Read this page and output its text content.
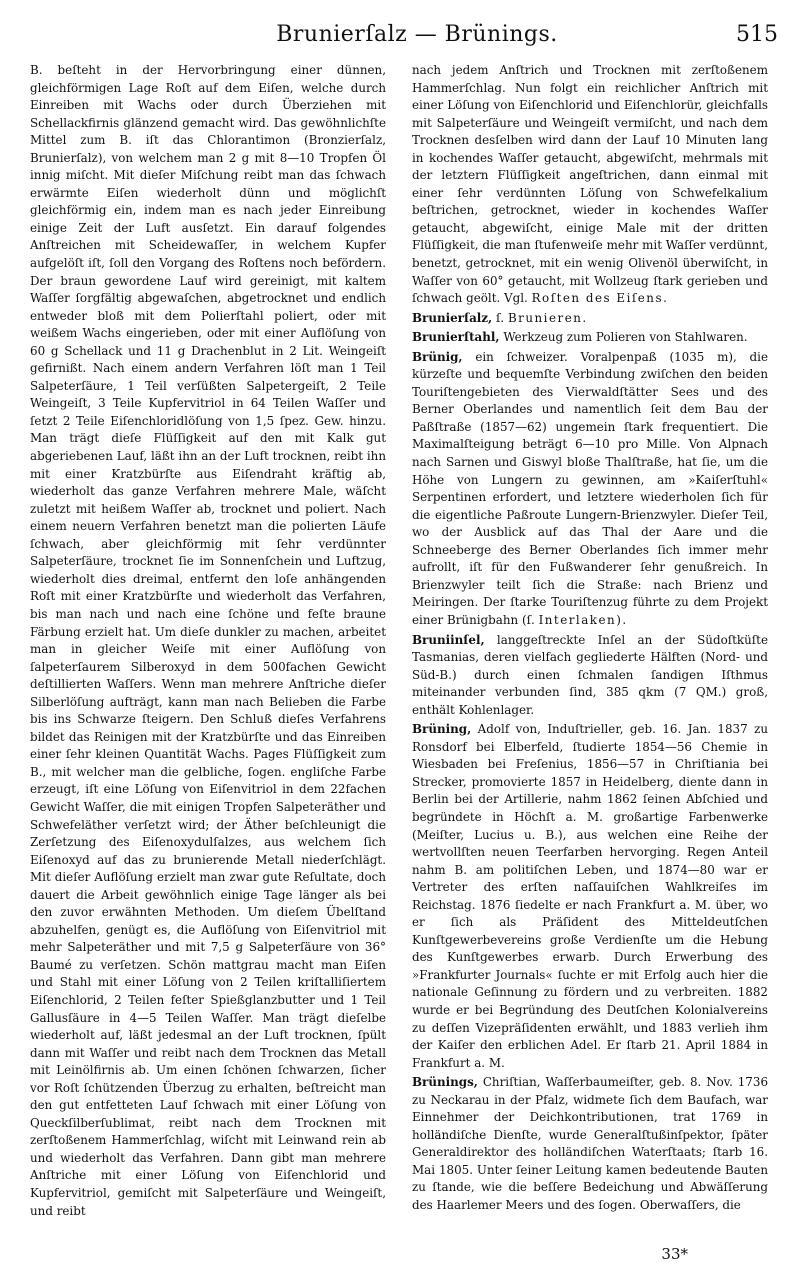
Brunierſalz — Brünings.	515

B. beſteht in der Hervorbringung einer dünnen, gleichförmigen Lage Roſt auf dem Eiſen, welche durch Einreiben mit Wachs oder durch Überziehen mit Schellackfirnis glänzend gemacht wird. Das gewöhnlichſte Mittel zum B. iſt das Chlorantimon (Bronzierſalz, Brunierſalz), von welchem man 2 g mit 8—10 Tropfen Öl innig miſcht. Mit dieſer Miſchung reibt man das ſchwach erwärmte Eiſen wiederholt dünn und möglichſt gleichförmig ein, indem man es nach jeder Einreibung einige Zeit der Luft ausſetzt. Ein darauf folgendes Anſtreichen mit Scheidewaſſer, in welchem Kupfer aufgelöſt iſt, ſoll den Vorgang des Roſtens noch befördern. Der braun gewordene Lauf wird gereinigt, mit kaltem Waſſer ſorgfältig abgewaſchen, abgetrocknet und endlich entweder bloß mit dem Polierſtahl poliert, oder mit weißem Wachs eingerieben, oder mit einer Auflöſung von 60 g Schellack und 11 g Drachenblut in 2 Lit. Weingeiſt gefirnißt. Nach einem andern Verfahren löſt man 1 Teil Salpeterſäure, 1 Teil verſüßten Salpetergeiſt, 2 Teile Weingeiſt, 3 Teile Kupfervitriol in 64 Teilen Waſſer und ſetzt 2 Teile Eiſenchloridlöſung von 1,5 ſpez. Gew. hinzu. Man trägt dieſe Flüſſigkeit auf den mit Kalk gut abgeriebenen Lauf, läßt ihn an der Luft trocknen, reibt ihn mit einer Kratzbürſte aus Eiſendraht kräftig ab, wiederholt das ganze Verfahren mehrere Male, wäſcht zuletzt mit heißem Waſſer ab, trocknet und poliert. Nach einem neuern Verfahren benetzt man die polierten Läufe ſchwach, aber gleichförmig mit ſehr verdünnter Salpeterſäure, trocknet ſie im Sonnenſchein und Luftzug, wiederholt dies dreimal, entfernt den loſe anhängenden Roſt mit einer Kratzbürſte und wiederholt das Verfahren, bis man nach und nach eine ſchöne und feſte braune Färbung erzielt hat. Um dieſe dunkler zu machen, arbeitet man in gleicher Weiſe mit einer Auflöſung von ſalpeterſaurem Silberoxyd in dem 500fachen Gewicht deſtillierten Waſſers. Wenn man mehrere Anſtriche dieſer Silberlöſung aufträgt, kann man nach Belieben die Farbe bis ins Schwarze ſteigern. Den Schluß dieſes Verfahrens bildet das Reinigen mit der Kratzbürſte und das Einreiben einer ſehr kleinen Quantität Wachs. Pages Flüſſigkeit zum B., mit welcher man die gelbliche, ſogen. engliſche Farbe erzeugt, iſt eine Löſung von Eiſenvitriol in dem 22fachen Gewicht Waſſer, die mit einigen Tropfen Salpeteräther und Schwefeläther verſetzt wird; der Äther beſchleunigt die Zerſetzung des Eiſenoxydulſalzes, aus welchem ſich Eiſenoxyd auf das zu brunierende Metall niederſchlägt. Mit dieſer Auflöſung erzielt man zwar gute Reſultate, doch dauert die Arbeit gewöhnlich einige Tage länger als bei den zuvor erwähnten Methoden. Um dieſem Übelſtand abzuhelfen, genügt es, die Auflöſung von Eiſenvitriol mit mehr Salpeteräther und mit 7,5 g Salpeterſäure von 36° Baumé zu verſetzen. Schön mattgrau macht man Eiſen und Stahl mit einer Löſung von 2 Teilen kriſtalliſiertem Eiſenchlorid, 2 Teilen feſter Spießglanzbutter und 1 Teil Gallusſäure in 4—5 Teilen Waſſer. Man trägt dieſelbe wiederholt auf, läßt jedesmal an der Luft trocknen, ſpült dann mit Waſſer und reibt nach dem Trocknen das Metall mit Leinölfirnis ab. Um einen ſchönen ſchwarzen, ſicher vor Roſt ſchützenden Überzug zu erhalten, beſtreicht man den gut entfetteten Lauf ſchwach mit einer Löſung von Queckſilberſublimat, reibt nach dem Trocknen mit zerſtoßenem Hammerſchlag, wiſcht mit Leinwand rein ab und wiederholt das Verfahren. Dann gibt man mehrere Anſtriche mit einer Löſung von Eiſenchlorid und Kupfervitriol, gemiſcht mit Salpeterſäure und Weingeiſt, und reibt

nach jedem Anſtrich und Trocknen mit zerſtoßenem Hammerſchlag. Nun folgt ein reichlicher Anſtrich mit einer Löſung von Eiſenchlorid und Eiſenchlorür, gleichfalls mit Salpeterſäure und Weingeiſt vermiſcht, und nach dem Trocknen desſelben wird dann der Lauf 10 Minuten lang in kochendes Waſſer getaucht, abgewiſcht, mehrmals mit der letztern Flüſſigkeit angeſtrichen, dann einmal mit einer ſehr verdünnten Löſung von Schwefelkalium beſtrichen, getrocknet, wieder in kochendes Waſſer getaucht, abgewiſcht, einige Male mit der dritten Flüſſigkeit, die man ſtufenweiſe mehr mit Waſſer verdünnt, benetzt, getrocknet, mit ein wenig Olivenöl überwiſcht, in Waſſer von 60° getaucht, mit Wollzeug ſtark gerieben und ſchwach geölt. Vgl. Roſten des Eiſens.

Brunierſalz, ſ. Brunieren.

Brunierſtahl, Werkzeug zum Polieren von Stahlwaren.

Brünig, ein ſchweizer. Voralpenpaß (1035 m), die kürzeſte und bequemſte Verbindung zwiſchen den beiden Touriſtengebieten des Vierwaldſtätter Sees und des Berner Oberlandes und namentlich ſeit dem Bau der Paßſtraße (1857—62) ungemein ſtark frequentiert. Die Maximalſteigung beträgt 6—10 pro Mille. Von Alpnach nach Sarnen und Giswyl bloße Thalſtraße, hat ſie, um die Höhe von Lungern zu gewinnen, am »Kaiſerſtuhl« Serpentinen erfordert, und letztere wiederholen ſich für die eigentliche Paßroute Lungern-Brienzwyler. Dieſer Teil, wo der Ausblick auf das Thal der Aare und die Schneeberge des Berner Oberlandes ſich immer mehr aufrollt, iſt für den Fußwanderer ſehr genußreich. In Brienzwyler teilt ſich die Straße: nach Brienz und Meiringen. Der ſtarke Touriſtenzug führte zu dem Projekt einer Brünigbahn (ſ. Interlaken).

Bruniinſel, langgeſtreckte Inſel an der Südoſtküſte Tasmanias, deren vielfach gegliederte Hälften (Nord- und Süd-B.) durch einen ſchmalen ſandigen Iſthmus miteinander verbunden ſind, 385 qkm (7 QM.) groß, enthält Kohlenlager.

Brüning, Adolf von, Induſtrieller, geb. 16. Jan. 1837 zu Ronsdorf bei Elberfeld, ſtudierte 1854—56 Chemie in Wiesbaden bei Freſenius, 1856—57 in Chriſtiania bei Strecker, promovierte 1857 in Heidelberg, diente dann in Berlin bei der Artillerie, nahm 1862 ſeinen Abſchied und begründete in Höchſt a. M. großartige Farbenwerke (Meiſter, Lucius u. B.), aus welchen eine Reihe der wertvollſten neuen Teerfarben hervorging. Regen Anteil nahm B. am politiſchen Leben, und 1874—80 war er Vertreter des erſten naſſauiſchen Wahlkreiſes im Reichstag. 1876 ſiedelte er nach Frankfurt a. M. über, wo er ſich als Präſident des Mitteldeutſchen Kunſtgewerbevereins große Verdienſte um die Hebung des Kunſtgewerbes erwarb. Durch Erwerbung des »Frankfurter Journals« ſuchte er mit Erfolg auch hier die nationale Geſinnung zu fördern und zu verbreiten. 1882 wurde er bei Begründung des Deutſchen Kolonialvereins zu deſſen Vizepräſidenten erwählt, und 1883 verlieh ihm der Kaiſer den erblichen Adel. Er ſtarb 21. April 1884 in Frankfurt a. M.

Brünings, Chriſtian, Waſſerbaumeiſter, geb. 8. Nov. 1736 zu Neckarau in der Pfalz, widmete ſich dem Baufach, war Einnehmer der Deichkontributionen, trat 1769 in holländiſche Dienſte, wurde Generalſtußinſpektor, ſpäter Generaldirektor des holländiſchen Waterſtaats; ſtarb 16. Mai 1805. Unter ſeiner Leitung kamen bedeutende Bauten zu ſtande, wie die beſſere Bedeichung und Abwäſſerung des Haarlemer Meers und des ſogen. Oberwaſſers, die

33*
